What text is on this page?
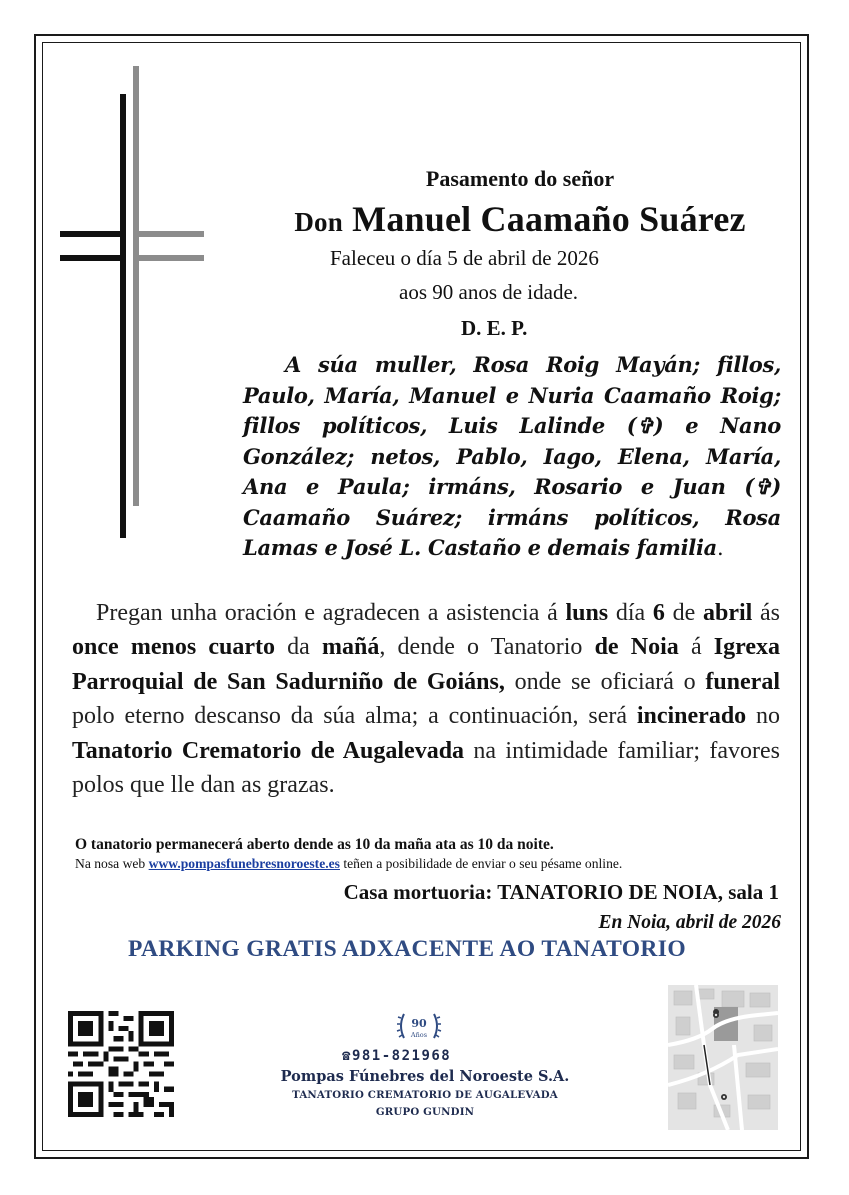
Pasamento do señor
Don Manuel Caamaño Suárez
Faleceu o día 5 de abril de 2026
aos 90 anos de idade.
D. E. P.
A súa muller, Rosa Roig Mayán; fillos, Paulo, María, Manuel e Nuria Caamaño Roig; fillos políticos, Luis Lalinde (✞) e Nano González; netos, Pablo, Iago, Elena, María, Ana e Paula; irmáns, Rosario e Juan (✞) Caamaño Suárez; irmáns políticos, Rosa Lamas e José L. Castaño e demais familia.
Pregan unha oración e agradecen a asistencia á luns día 6 de abril ás once menos cuarto da mañá, dende o Tanatorio de Noia á Igrexa Parroquial de San Sadurniño de Goiáns, onde se oficiará o funeral polo eterno descanso da súa alma; a continuación, será incinerado no Tanatorio Crematorio de Augalevada na intimidade familiar; favores polos que lle dan as grazas.
O tanatorio permanecerá aberto dende as 10 da maña ata as 10 da noite.
Na nosa web www.pompasfunebresnoroeste.es teñen a posibilidade de enviar o seu pésame online.
Casa mortuoria: TANATORIO DE NOIA, sala 1
En Noia, abril de 2026
PARKING GRATIS ADXACENTE AO TANATORIO
90
Años
☎981-821968
Pompas Fúnebres del Noroeste S.A.
TANATORIO CREMATORIO DE AUGALEVADA
GRUPO GUNDIN
